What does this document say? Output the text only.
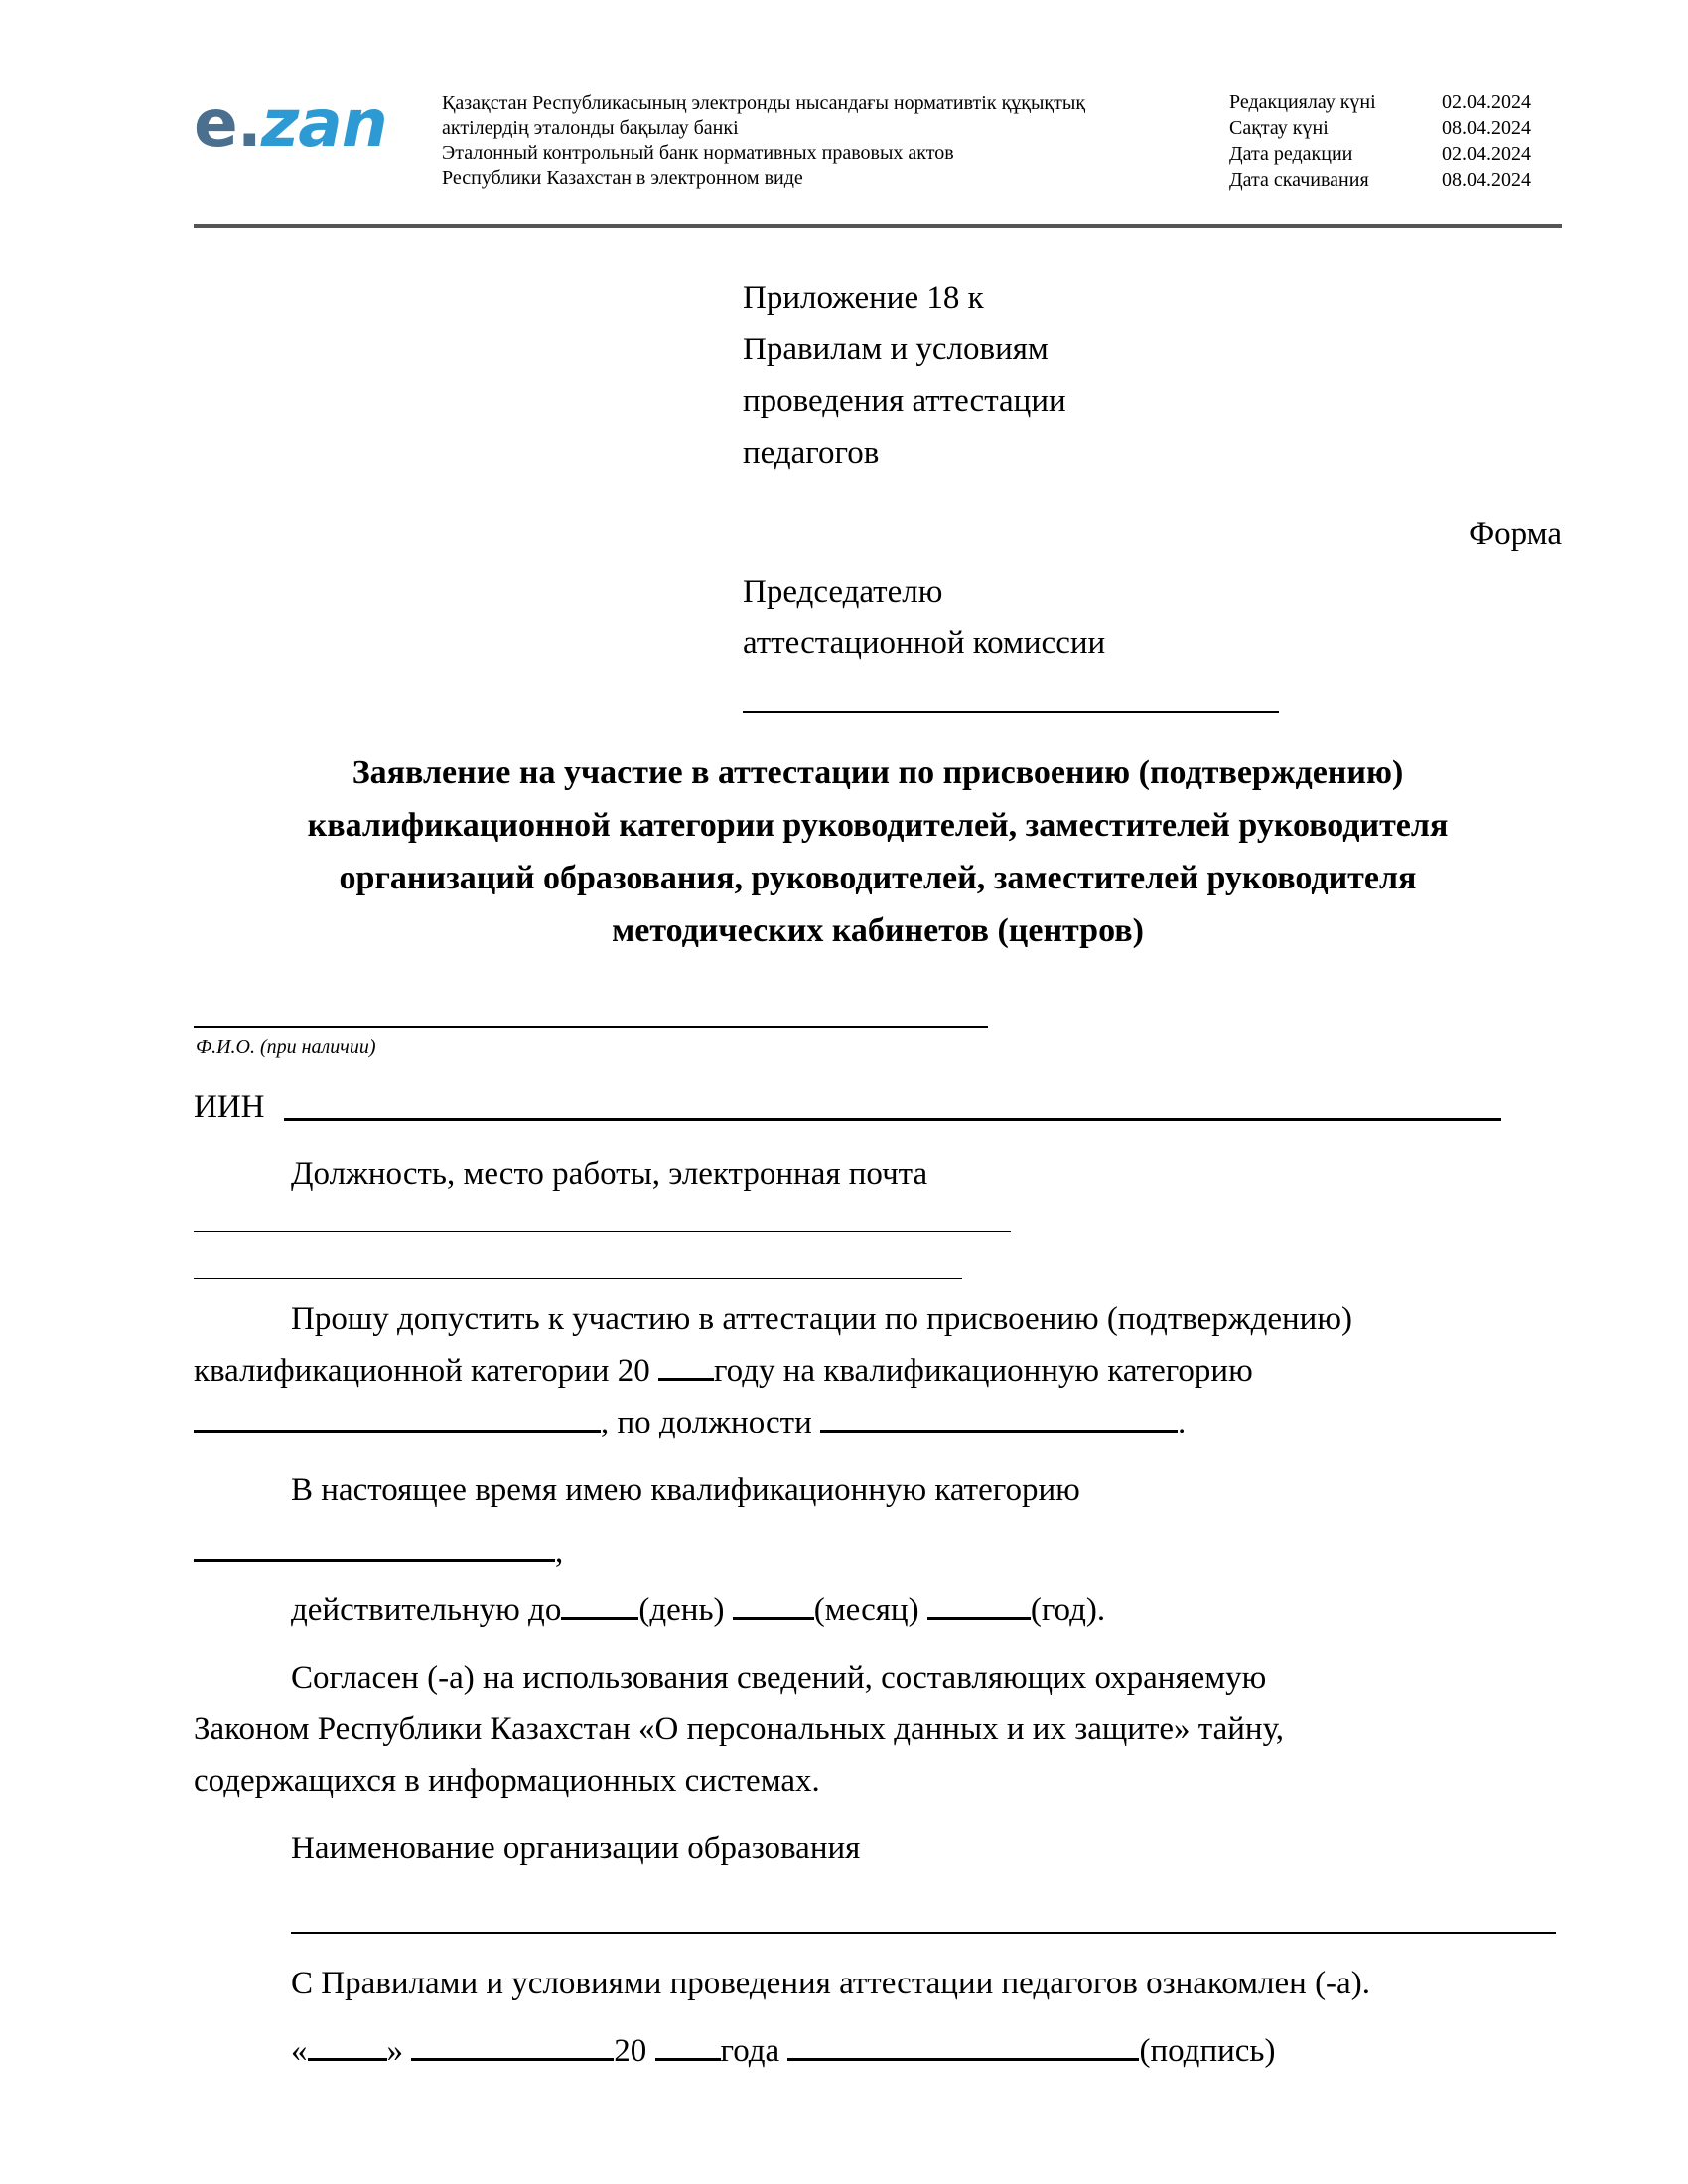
e.zan	Қазақстан Республикасының электронды нысандағы нормативтік құқықтық
актілердің эталонды бақылау банкі
Эталонный контрольный банк нормативных правовых актов
Республики Казахстан в электронном виде
Редакциялау күні	02.04.2024
Сақтау күні	08.04.2024
Дата редакции	02.04.2024
Дата скачивания	08.04.2024
Приложение 18 к
Правилам и условиям
проведения аттестации
педагогов
Форма
Председателю
аттестационной комиссии
Заявление на участие в аттестации по присвоению (подтверждению)
квалификационной категории руководителей, заместителей руководителя
организаций образования, руководителей, заместителей руководителя
методических кабинетов (центров)
Ф.И.О. (при наличии)
ИИН
Должность, место работы, электронная почта
Прошу допустить к участию в аттестации по присвоению (подтверждению)
квалификационной категории 20 году на квалификационную категорию
, по должности	.
В настоящее время имею квалификационную категорию
,
действительную до (день) (месяц)	(год).
Согласен (-а) на использования сведений, составляющих охраняемую
Законом Республики Казахстан «О персональных данных и их защите» тайну,
содержащихся в информационных системах.
Наименование организации образования
С Правилами и условиями проведения аттестации педагогов ознакомлен (-а).
« »	20 года	(подпись)
